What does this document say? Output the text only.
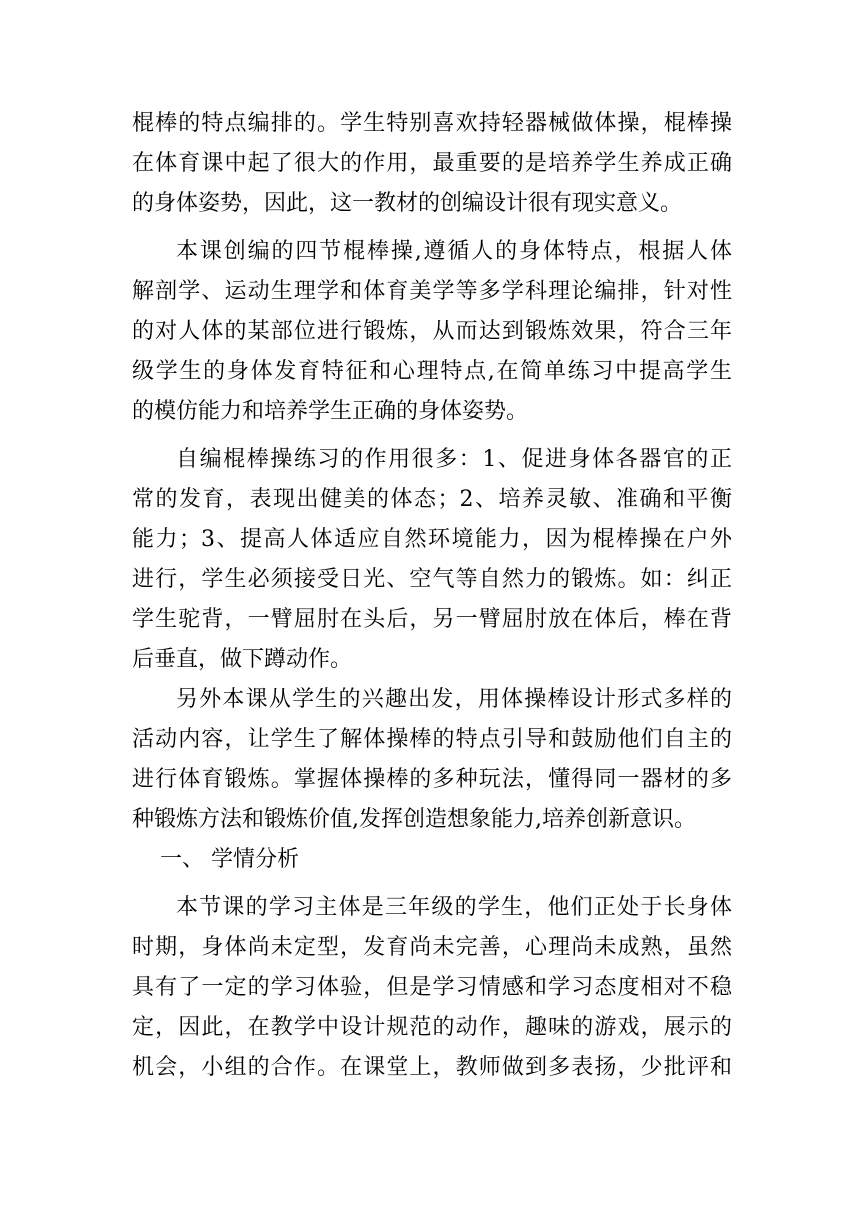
棍棒的特点编排的。学生特别喜欢持轻器械做体操，棍棒操
在体育课中起了很大的作用，最重要的是培养学生养成正确
的身体姿势，因此，这一教材的创编设计很有现实意义。
本课创编的四节棍棒操,遵循人的身体特点，根据人体
解剖学、运动生理学和体育美学等多学科理论编排，针对性
的对人体的某部位进行锻炼，从而达到锻炼效果，符合三年
级学生的身体发育特征和心理特点,在简单练习中提高学生
的模仿能力和培养学生正确的身体姿势。
自编棍棒操练习的作用很多：1、促进身体各器官的正
常的发育，表现出健美的体态；2、培养灵敏、准确和平衡
能力；3、提高人体适应自然环境能力，因为棍棒操在户外
进行，学生必须接受日光、空气等自然力的锻炼。如：纠正
学生驼背，一臂屈肘在头后，另一臂屈肘放在体后，棒在背
后垂直，做下蹲动作。
另外本课从学生的兴趣出发，用体操棒设计形式多样的
活动内容，让学生了解体操棒的特点引导和鼓励他们自主的
进行体育锻炼。掌握体操棒的多种玩法，懂得同一器材的多
种锻炼方法和锻炼价值,发挥创造想象能力,培养创新意识。
一、 学情分析
本节课的学习主体是三年级的学生，他们正处于长身体
时期，身体尚未定型，发育尚未完善，心理尚未成熟，虽然
具有了一定的学习体验，但是学习情感和学习态度相对不稳
定，因此，在教学中设计规范的动作，趣味的游戏，展示的
机会，小组的合作。在课堂上，教师做到多表扬，少批评和
